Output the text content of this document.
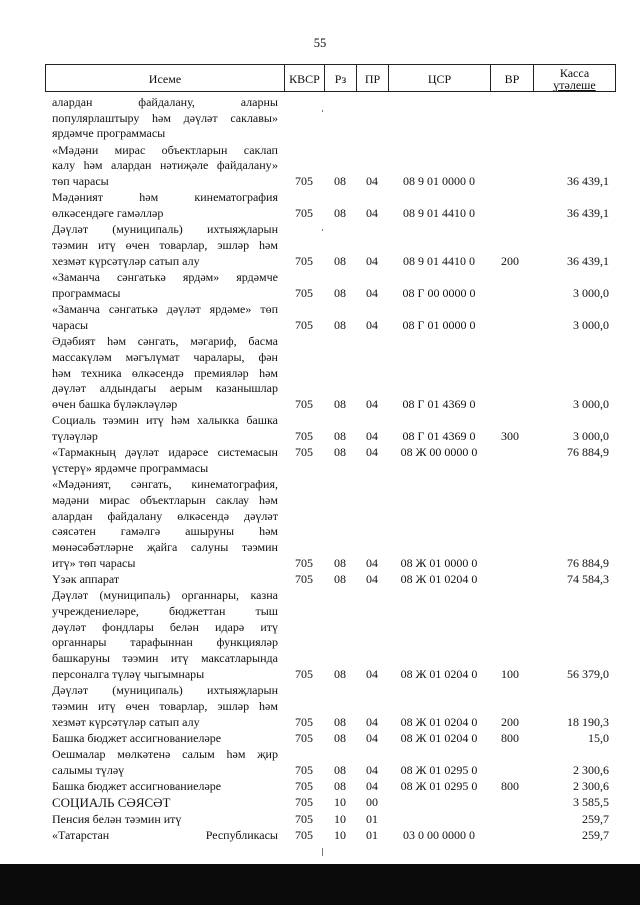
55
Исеме	КВСР	Рз	ПР	ЦСР	ВР	Касса
үтәлеше
алардан	файдалану,	аларны
популярлаштыру һәм дәүләт саклавы»
ярдәмче программасы
«Мәдәни мирас объектларын саклап
калу һәм алардан нәтиҗәле файдалану»
төп чарасы	705	08	04	08 9 01 0000 0	36 439,1
Мәдәният	һәм	кинематография
өлкәсендәге гамәлләр	705	08	04	08 9 01 4410 0	36 439,1
Дәүләт (муниципаль) ихтыяҗларын
тәэмин итү өчен товарлар, эшләр һәм
хезмәт күрсәтүләр сатып алу	705	08	04	08 9 01 4410 0	200	36 439,1
«Заманча сәнгатькә ярдәм» ярдәмче
программасы	705	08	04	08 Г 00 0000 0	3 000,0
«Заманча сәнгатькә дәүләт ярдәме» төп
чарасы	705	08	04	08 Г 01 0000 0	3 000,0
Әдәбият һәм сәнгать, мәгариф, басма
массакүләм мәгълүмат чаралары, фән
һәм техника өлкәсендә премияләр һәм
дәүләт алдындагы аерым казанышлар
өчен башка бүләкләүләр	705	08	04	08 Г 01 4369 0	3 000,0
Социаль тәэмин итү һәм халыкка башка
түләүләр	705	08	04	08 Г 01 4369 0	300	3 000,0
«Тармакның дәүләт идарәсе системасын
үстерү» ярдәмче программасы
705	08	04	08 Ж 00 0000 0	76 884,9
«Мәдәният, сәнгать, кинематография,
мәдәни мирас объектларын саклау һәм
алардан файдалану өлкәсендә дәүләт
сәясәтен гамәлгә ашыруны һәм
мөнәсәбәтләрне җайга салуны тәэмин
итү» төп чарасы	705	08	04	08 Ж 01 0000 0	76 884,9
Үзәк аппарат	705	08	04	08 Ж 01 0204 0	74 584,3
Дәүләт (муниципаль) органнары, казна
учреждениеләре,	бюджеттан	тыш
дәүләт фондлары белән идарә итү
органнары тарафыннан функцияләр
башкаруны тәэмин итү максатларында
персоналга түләү чыгымнары	705	08	04	08 Ж 01 0204 0	100	56 379,0
Дәүләт (муниципаль) ихтыяҗларын
тәэмин итү өчен товарлар, эшләр һәм
хезмәт күрсәтүләр сатып алу	705	08	04	08 Ж 01 0204 0	200	18 190,3
Башка бюджет ассигнованиеләре	705	08	04	08 Ж 01 0204 0	800	15,0
Оешмалар мөлкәтенә салым һәм җир
салымы түләү	705	08	04	08 Ж 01 0295 0	2 300,6
Башка бюджет ассигнованиеләре	705	08	04	08 Ж 01 0295 0	800	2 300,6
СОЦИАЛЬ СӘЯСӘТ	705	10	00	3 585,5
Пенсия белән тәэмин итү	705	10	01	259,7
«Татарстан	Республикасы	705	10	01	03 0 00 0000 0	259,7
